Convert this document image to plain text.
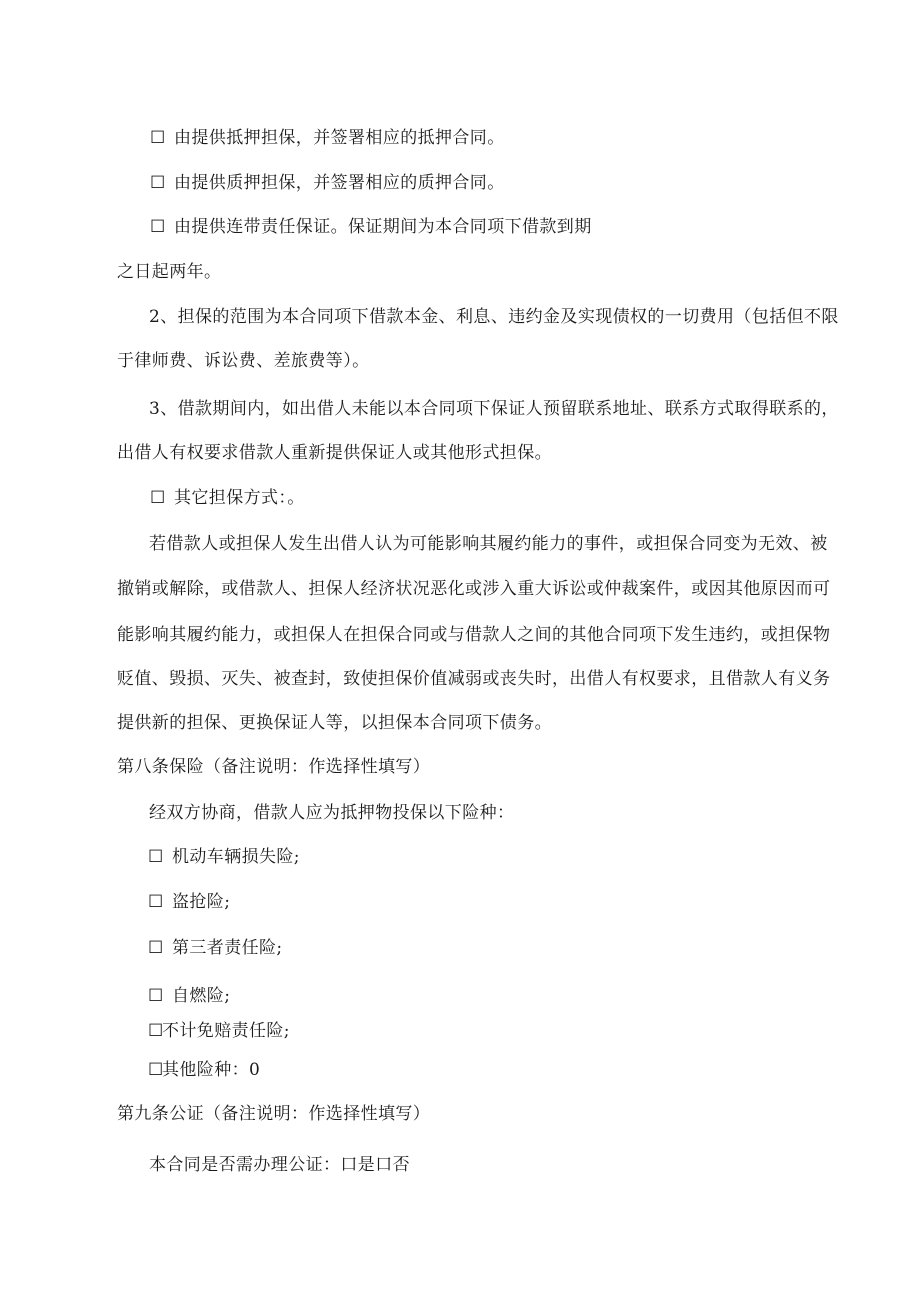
☐ 由提供抵押担保，并签署相应的抵押合同。
☐ 由提供质押担保，并签署相应的质押合同。
☐ 由提供连带责任保证。保证期间为本合同项下借款到期
之日起两年。
2、担保的范围为本合同项下借款本金、利息、违约金及实现债权的一切费用（包括但不限
于律师费、诉讼费、差旅费等）。
3、借款期间内，如出借人未能以本合同项下保证人预留联系地址、联系方式取得联系的，
出借人有权要求借款人重新提供保证人或其他形式担保。
☐ 其它担保方式：。
若借款人或担保人发生出借人认为可能影响其履约能力的事件，或担保合同变为无效、被
撤销或解除，或借款人、担保人经济状况恶化或涉入重大诉讼或仲裁案件，或因其他原因而可
能影响其履约能力，或担保人在担保合同或与借款人之间的其他合同项下发生违约，或担保物
贬值、毁损、灭失、被查封，致使担保价值减弱或丧失时，出借人有权要求，且借款人有义务
提供新的担保、更换保证人等，以担保本合同项下债务。
第八条保险（备注说明：作选择性填写）
经双方协商，借款人应为抵押物投保以下险种：
☐ 机动车辆损失险;
☐ 盗抢险;
☐ 第三者责任险;
☐ 自燃险;
☐不计免赔责任险;
☐其他险种：0
第九条公证（备注说明：作选择性填写）
本合同是否需办理公证：口是口否
